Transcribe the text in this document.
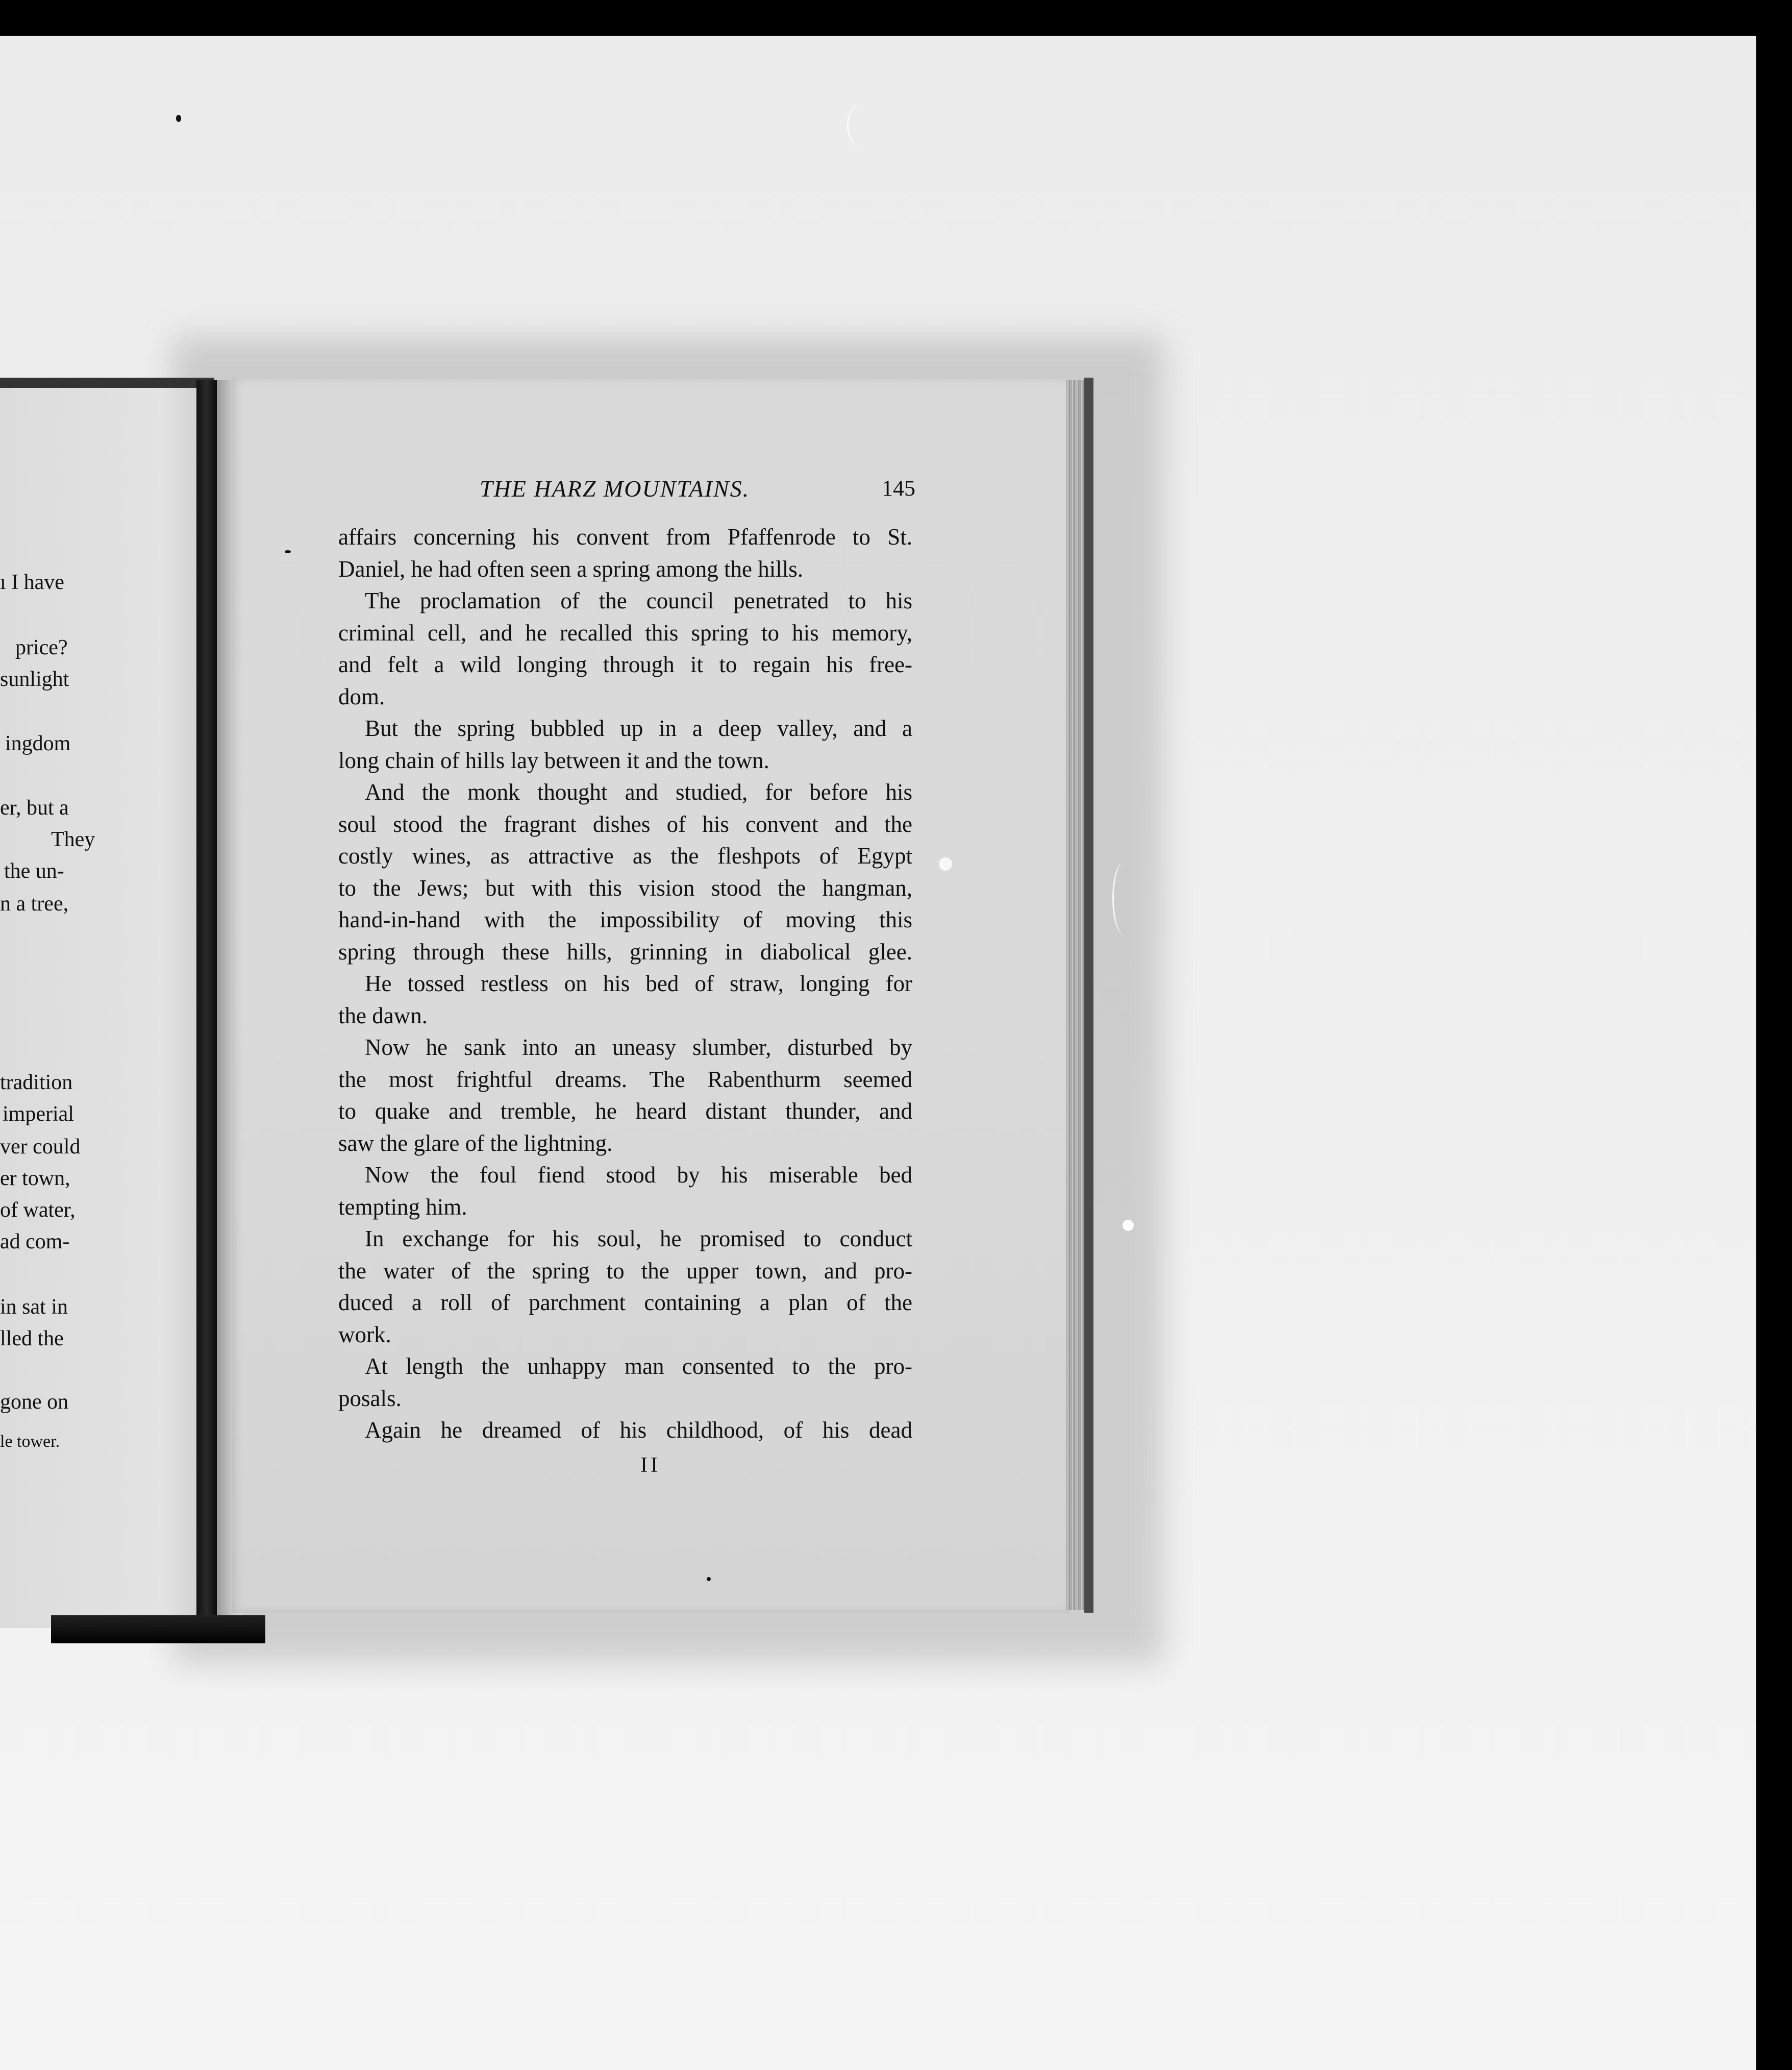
ı I have
price?
sunlight
ingdom
er, but a
They
the un-
n a tree,
tradition
imperial
ver could
er town,
of water,
ad com-
in sat in
lled the
gone on
le tower.
THE HARZ MOUNTAINS.	145
affairs concerning his convent from Pfaffenrode to St.
Daniel, he had often seen a spring among the hills.
The proclamation of the council penetrated to his
criminal cell, and he recalled this spring to his memory,
and felt a wild longing through it to regain his free-
dom.
But the spring bubbled up in a deep valley, and a
long chain of hills lay between it and the town.
And the monk thought and studied, for before his
soul stood the fragrant dishes of his convent and the
costly wines, as attractive as the fleshpots of Egypt
to the Jews; but with this vision stood the hangman,
hand-in-hand with the impossibility of moving this
spring through these hills, grinning in diabolical glee.
He tossed restless on his bed of straw, longing for
the dawn.
Now he sank into an uneasy slumber, disturbed by
the most frightful dreams. The Rabenthurm seemed
to quake and tremble, he heard distant thunder, and
saw the glare of the lightning.
Now the foul fiend stood by his miserable bed
tempting him.
In exchange for his soul, he promised to conduct
the water of the spring to the upper town, and pro-
duced a roll of parchment containing a plan of the
work.
At length the unhappy man consented to the pro-
posals.
Again he dreamed of his childhood, of his dead
II
